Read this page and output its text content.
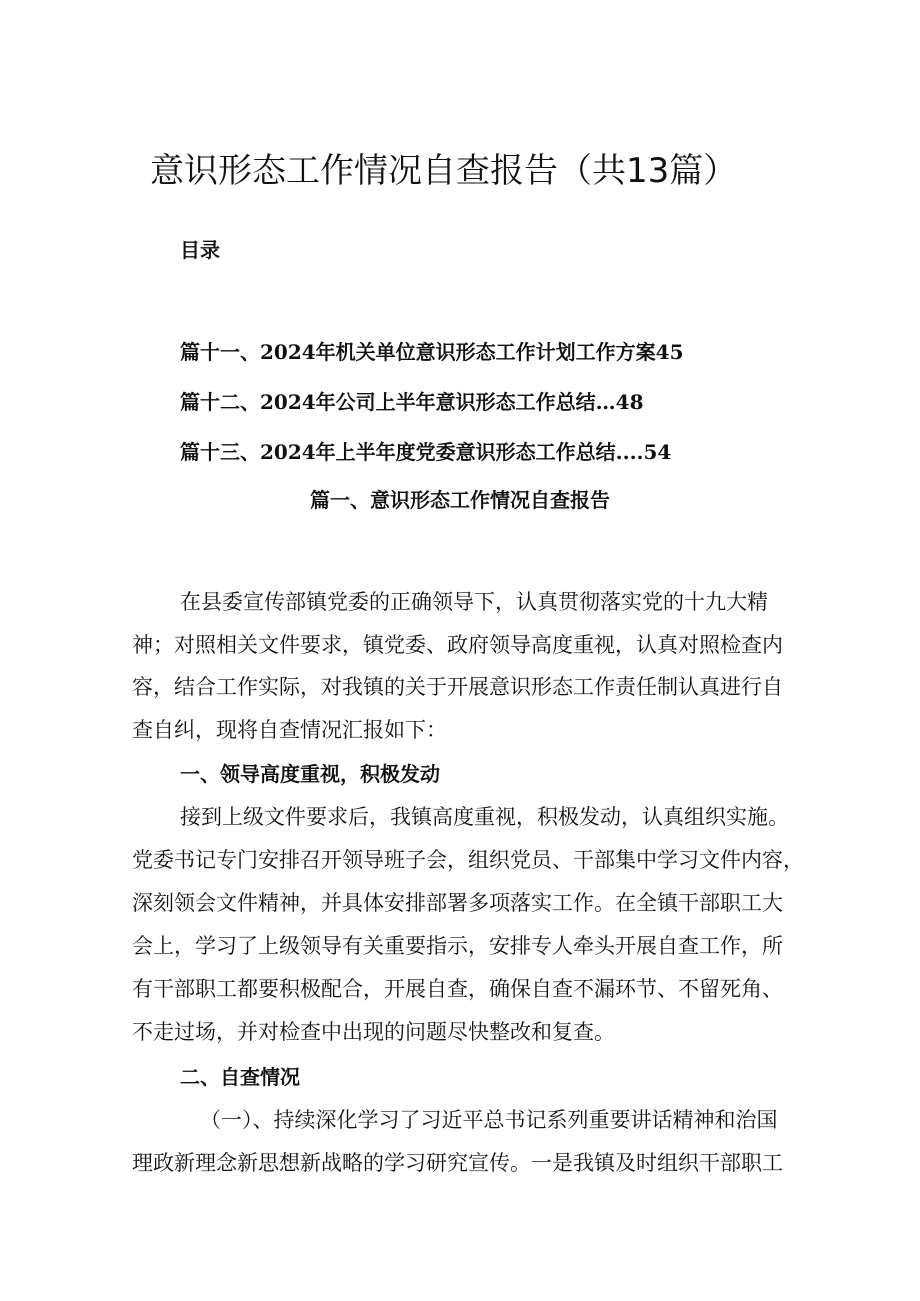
意识形态工作情况自查报告（共13篇）
目录
篇十一、2024年机关单位意识形态工作计划工作方案45
篇十二、2024年公司上半年意识形态工作总结…48
篇十三、2024年上半年度党委意识形态工作总结....54
篇一、意识形态工作情况自查报告
在县委宣传部镇党委的正确领导下，认真贯彻落实党的十九大精
神；对照相关文件要求，镇党委、政府领导高度重视，认真对照检查内
容，结合工作实际，对我镇的关于开展意识形态工作责任制认真进行自
查自纠，现将自查情况汇报如下：
一、领导高度重视，积极发动
接到上级文件要求后，我镇高度重视，积极发动，认真组织实施。
党委书记专门安排召开领导班子会，组织党员、干部集中学习文件内容，
深刻领会文件精神，并具体安排部署多项落实工作。在全镇干部职工大
会上，学习了上级领导有关重要指示，安排专人牵头开展自查工作，所
有干部职工都要积极配合，开展自查，确保自查不漏环节、不留死角、
不走过场，并对检查中出现的问题尽快整改和复查。
二、自查情况
（一）、持续深化学习了习近平总书记系列重要讲话精神和治国
理政新理念新思想新战略的学习研究宣传。一是我镇及时组织干部职工
